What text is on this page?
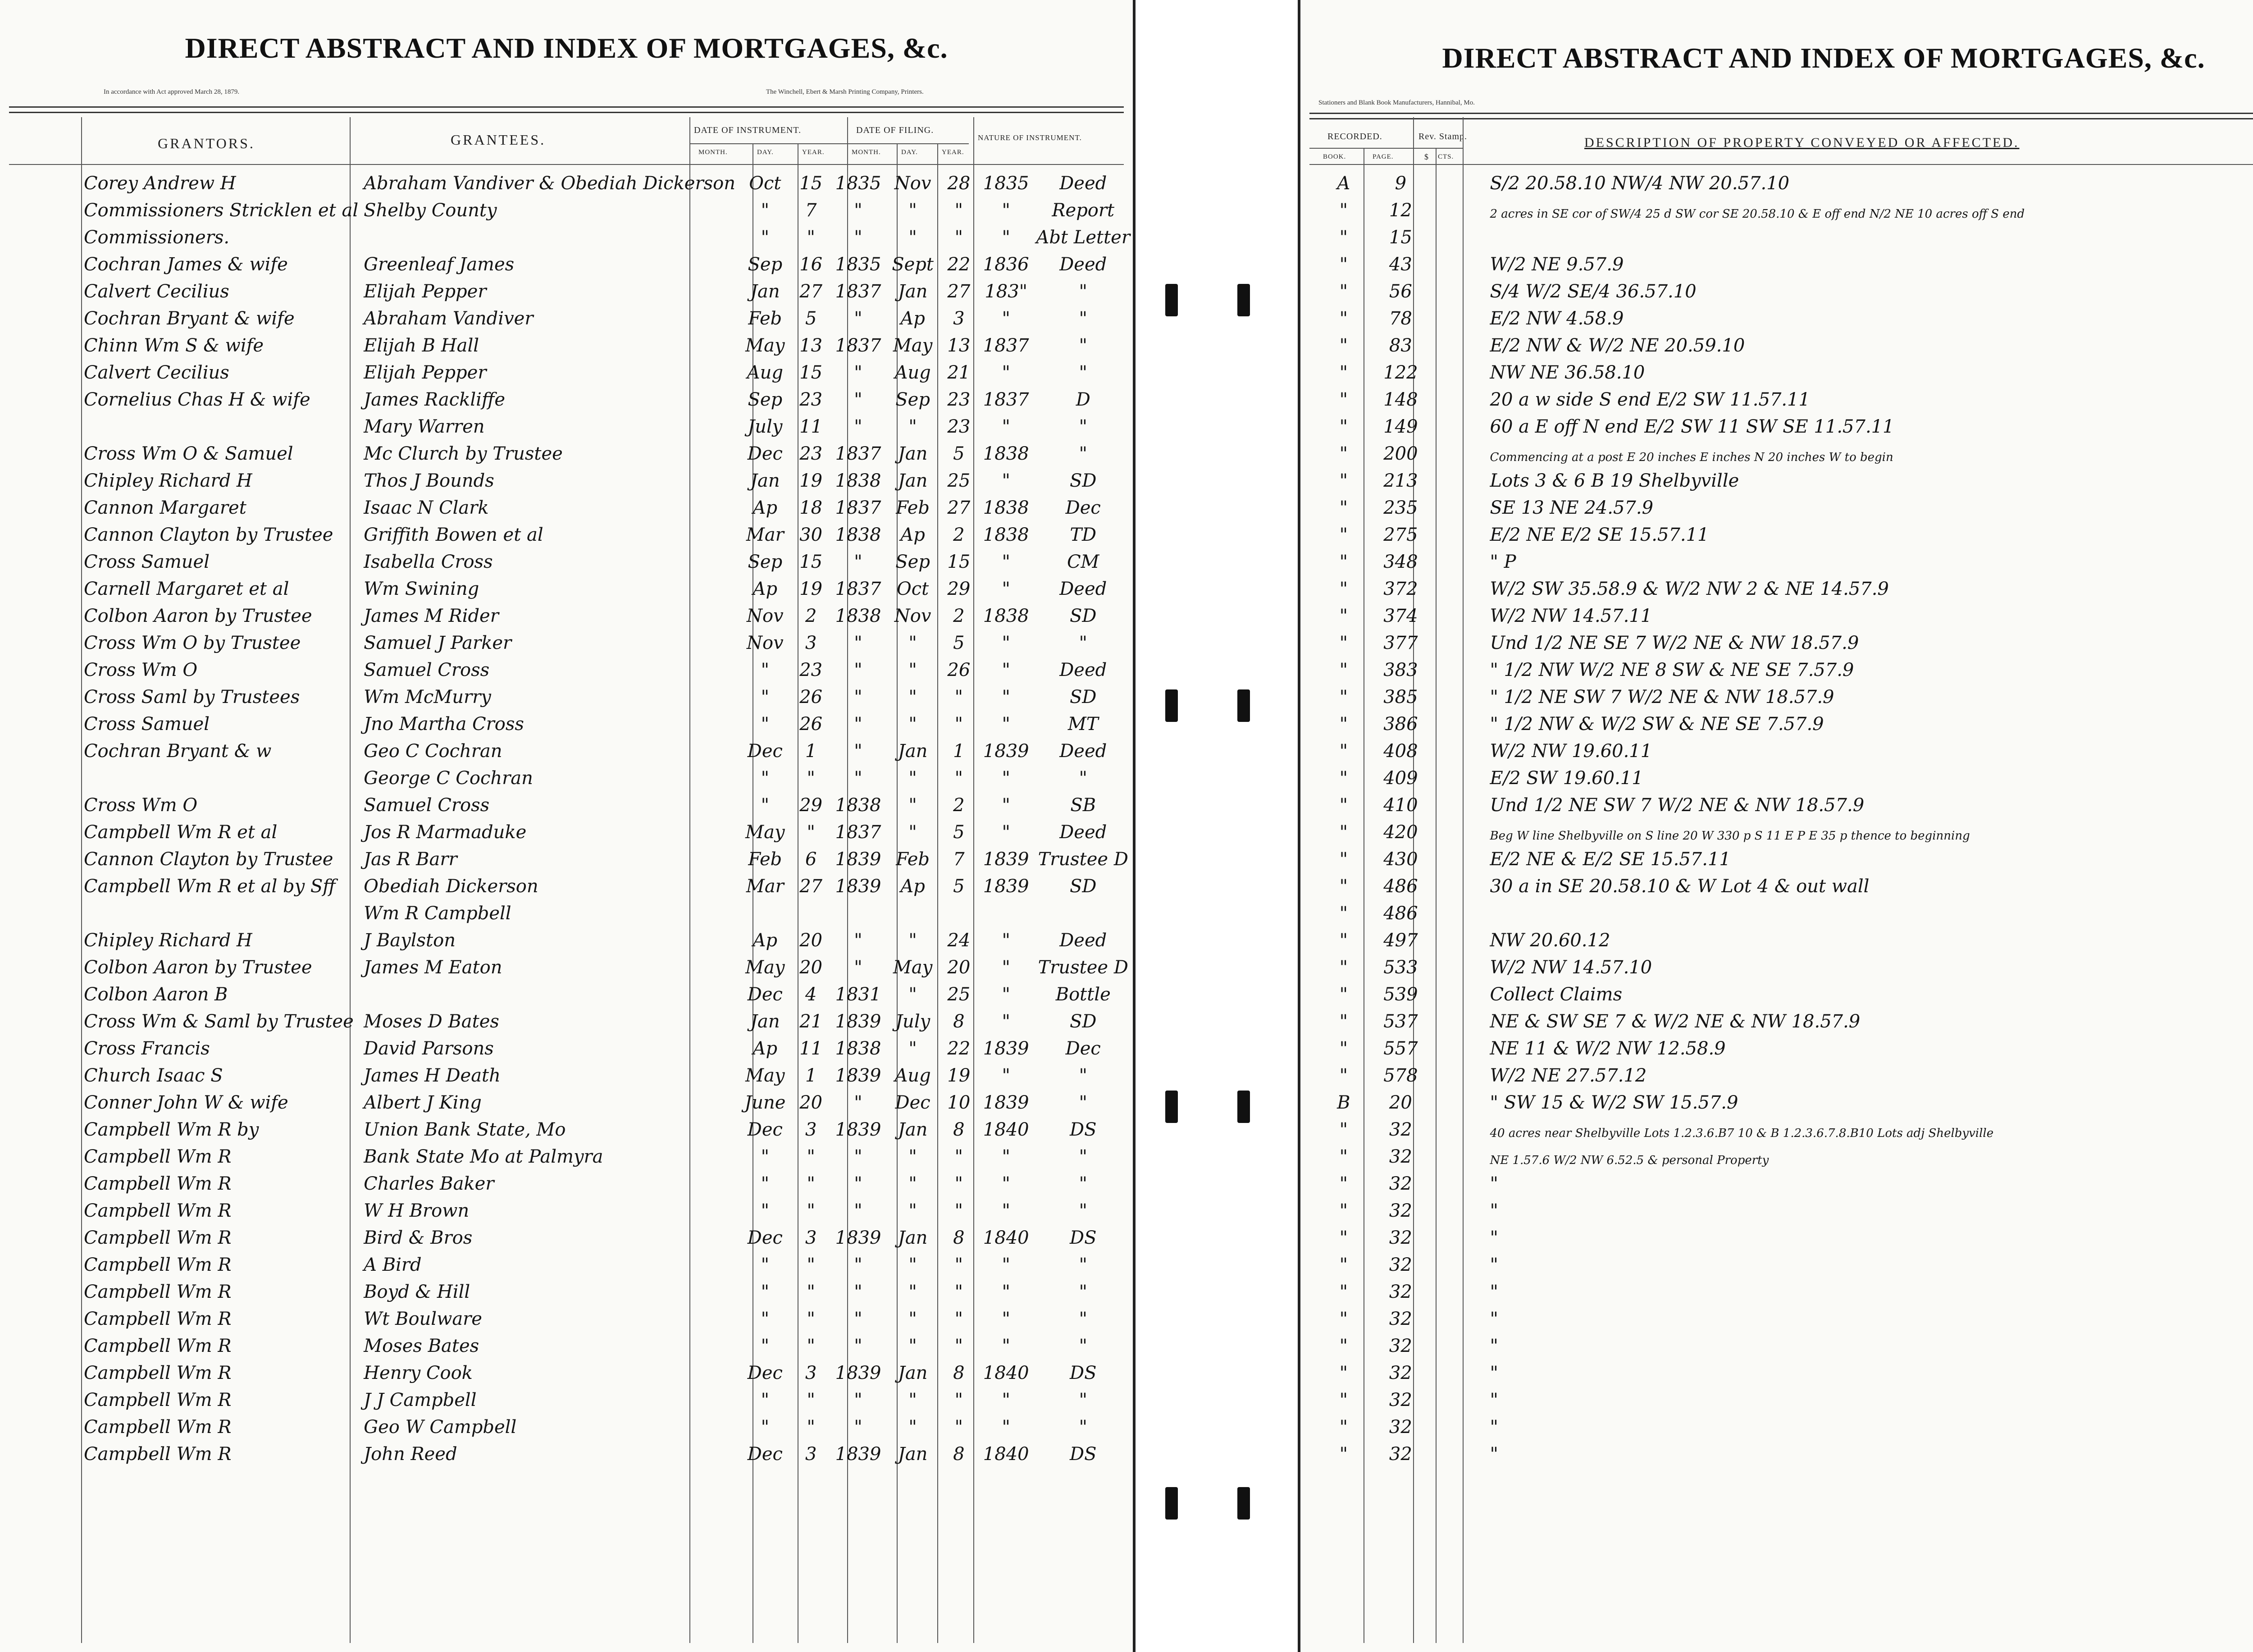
DIRECT ABSTRACT AND INDEX OF MORTGAGES, &c.
In accordance with Act approved March 28, 1879.	The Winchell, Ebert & Marsh Printing Company, Printers.
GRANTORS.	GRANTEES.
DATE OF INSTRUMENT.	DATE OF FILING.
NATURE OF INSTRUMENT.
MONTH.	DAY.	YEAR.	MONTH.	DAY.	YEAR.
Corey Andrew H	Abraham Vandiver & Obediah Dickerson	Oct	15	1835	Nov	28	1835	Deed
Commissioners Stricklen et al	Shelby County	"	7	"	"	"	"	Report
Commissioners.		"	"	"	"	"	"	Abt Letter
Cochran James & wife	Greenleaf James	Sep	16	1835	Sept	22	1836	Deed
Calvert Cecilius	Elijah Pepper	Jan	27	1837	Jan	27	183"	"
Cochran Bryant & wife	Abraham Vandiver	Feb	5	"	Ap	3	"	"
Chinn Wm S & wife	Elijah B Hall	May	13	1837	May	13	1837	"
Calvert Cecilius	Elijah Pepper	Aug	15	"	Aug	21	"	"
Cornelius Chas H & wife	James Rackliffe	Sep	23	"	Sep	23	1837	D
	Mary Warren	July	11	"	"	23	"	"
Cross Wm O & Samuel	Mc Clurch by Trustee	Dec	23	1837	Jan	5	1838	"
Chipley Richard H	Thos J Bounds	Jan	19	1838	Jan	25	"	SD
Cannon Margaret	Isaac N Clark	Ap	18	1837	Feb	27	1838	Dec
Cannon Clayton by Trustee	Griffith Bowen et al	Mar	30	1838	Ap	2	1838	TD
Cross Samuel	Isabella Cross	Sep	15	"	Sep	15	"	CM
Carnell Margaret et al	Wm Swining	Ap	19	1837	Oct	29	"	Deed
Colbon Aaron by Trustee	James M Rider	Nov	2	1838	Nov	2	1838	SD
Cross Wm O by Trustee	Samuel J Parker	Nov	3	"	"	5	"	"
Cross Wm O	Samuel Cross	"	23	"	"	26	"	Deed
Cross Saml by Trustees	Wm McMurry	"	26	"	"	"	"	SD
Cross Samuel	Jno Martha Cross	"	26	"	"	"	"	MT
Cochran Bryant & w	Geo C Cochran	Dec	1	"	Jan	1	1839	Deed
	George C Cochran	"	"	"	"	"	"	"
Cross Wm O	Samuel Cross	"	29	1838	"	2	"	SB
Campbell Wm R et al	Jos R Marmaduke	May	"	1837	"	5	"	Deed
Cannon Clayton by Trustee	Jas R Barr	Feb	6	1839	Feb	7	1839	Trustee D
Campbell Wm R et al by Sff	Obediah Dickerson	Mar	27	1839	Ap	5	1839	SD
	Wm R Campbell							
Chipley Richard H	J Baylston	Ap	20	"	"	24	"	Deed
Colbon Aaron by Trustee	James M Eaton	May	20	"	May	20	"	Trustee D
Colbon Aaron B		Dec	4	1831	"	25	"	Bottle
Cross Wm & Saml by Trustee	Moses D Bates	Jan	21	1839	July	8	"	SD
Cross Francis	David Parsons	Ap	11	1838	"	22	1839	Dec
Church Isaac S	James H Death	May	1	1839	Aug	19	"	"
Conner John W & wife	Albert J King	June	20	"	Dec	10	1839	"
Campbell Wm R by	Union Bank State, Mo	Dec	3	1839	Jan	8	1840	DS
Campbell Wm R	Bank State Mo at Palmyra	"	"	"	"	"	"	"
Campbell Wm R	Charles Baker	"	"	"	"	"	"	"
Campbell Wm R	W H Brown	"	"	"	"	"	"	"
Campbell Wm R	Bird & Bros	Dec	3	1839	Jan	8	1840	DS
Campbell Wm R	A Bird	"	"	"	"	"	"	"
Campbell Wm R	Boyd & Hill	"	"	"	"	"	"	"
Campbell Wm R	Wt Boulware	"	"	"	"	"	"	"
Campbell Wm R	Moses Bates	"	"	"	"	"	"	"
Campbell Wm R	Henry Cook	Dec	3	1839	Jan	8	1840	DS
Campbell Wm R	J J Campbell	"	"	"	"	"	"	"
Campbell Wm R	Geo W Campbell	"	"	"	"	"	"	"
Campbell Wm R	John Reed	Dec	3	1839	Jan	8	1840	DS
DIRECT ABSTRACT AND INDEX OF MORTGAGES, &c.
Stationers and Blank Book Manufacturers, Hannibal, Mo.
RECORDED.	Rev. Stamp.
BOOK.	PAGE.	$ CTS.
DESCRIPTION OF PROPERTY CONVEYED OR AFFECTED.
A	9		S/2 20.58.10 NW/4 NW 20.57.10
"	12		2 acres in SE cor of SW/4 25 d SW cor SE 20.58.10 & E off end N/2 NE 10 acres off S end
"	15		
"	43		W/2 NE 9.57.9
"	56		S/4 W/2 SE/4 36.57.10
"	78		E/2 NW 4.58.9
"	83		E/2 NW & W/2 NE 20.59.10
"	122		NW NE 36.58.10
"	148		20 a w side S end E/2 SW 11.57.11
"	149		60 a E off N end E/2 SW 11 SW SE 11.57.11
"	200		Commencing at a post E 20 inches E inches N 20 inches W to begin
"	213		Lots 3 & 6 B 19 Shelbyville
"	235		SE 13 NE 24.57.9
"	275		E/2 NE E/2 SE 15.57.11
"	348		" P
"	372		W/2 SW 35.58.9 & W/2 NW 2 & NE 14.57.9
"	374		W/2 NW 14.57.11
"	377		Und 1/2 NE SE 7 W/2 NE & NW 18.57.9
"	383		" 1/2 NW W/2 NE 8 SW & NE SE 7.57.9
"	385		" 1/2 NE SW 7 W/2 NE & NW 18.57.9
"	386		" 1/2 NW & W/2 SW & NE SE 7.57.9
"	408		W/2 NW 19.60.11
"	409		E/2 SW 19.60.11
"	410		Und 1/2 NE SW 7 W/2 NE & NW 18.57.9
"	420		Beg W line Shelbyville on S line 20 W 330 p S 11 E P E 35 p thence to beginning
"	430		E/2 NE & E/2 SE 15.57.11
"	486		30 a in SE 20.58.10 & W Lot 4 & out wall
"	486		
"	497		NW 20.60.12
"	533		W/2 NW 14.57.10
"	539		Collect Claims
"	537		NE & SW SE 7 & W/2 NE & NW 18.57.9
"	557		NE 11 & W/2 NW 12.58.9
"	578		W/2 NE 27.57.12
B	20		" SW 15 & W/2 SW 15.57.9
"	32		40 acres near Shelbyville Lots 1.2.3.6.B7 10 & B 1.2.3.6.7.8.B10 Lots adj Shelbyville
"	32		NE 1.57.6 W/2 NW 6.52.5 & personal Property
"	32		"
"	32		"
"	32		"
"	32		"
"	32		"
"	32		"
"	32		"
"	32		"
"	32		"
"	32		"
"	32		"
